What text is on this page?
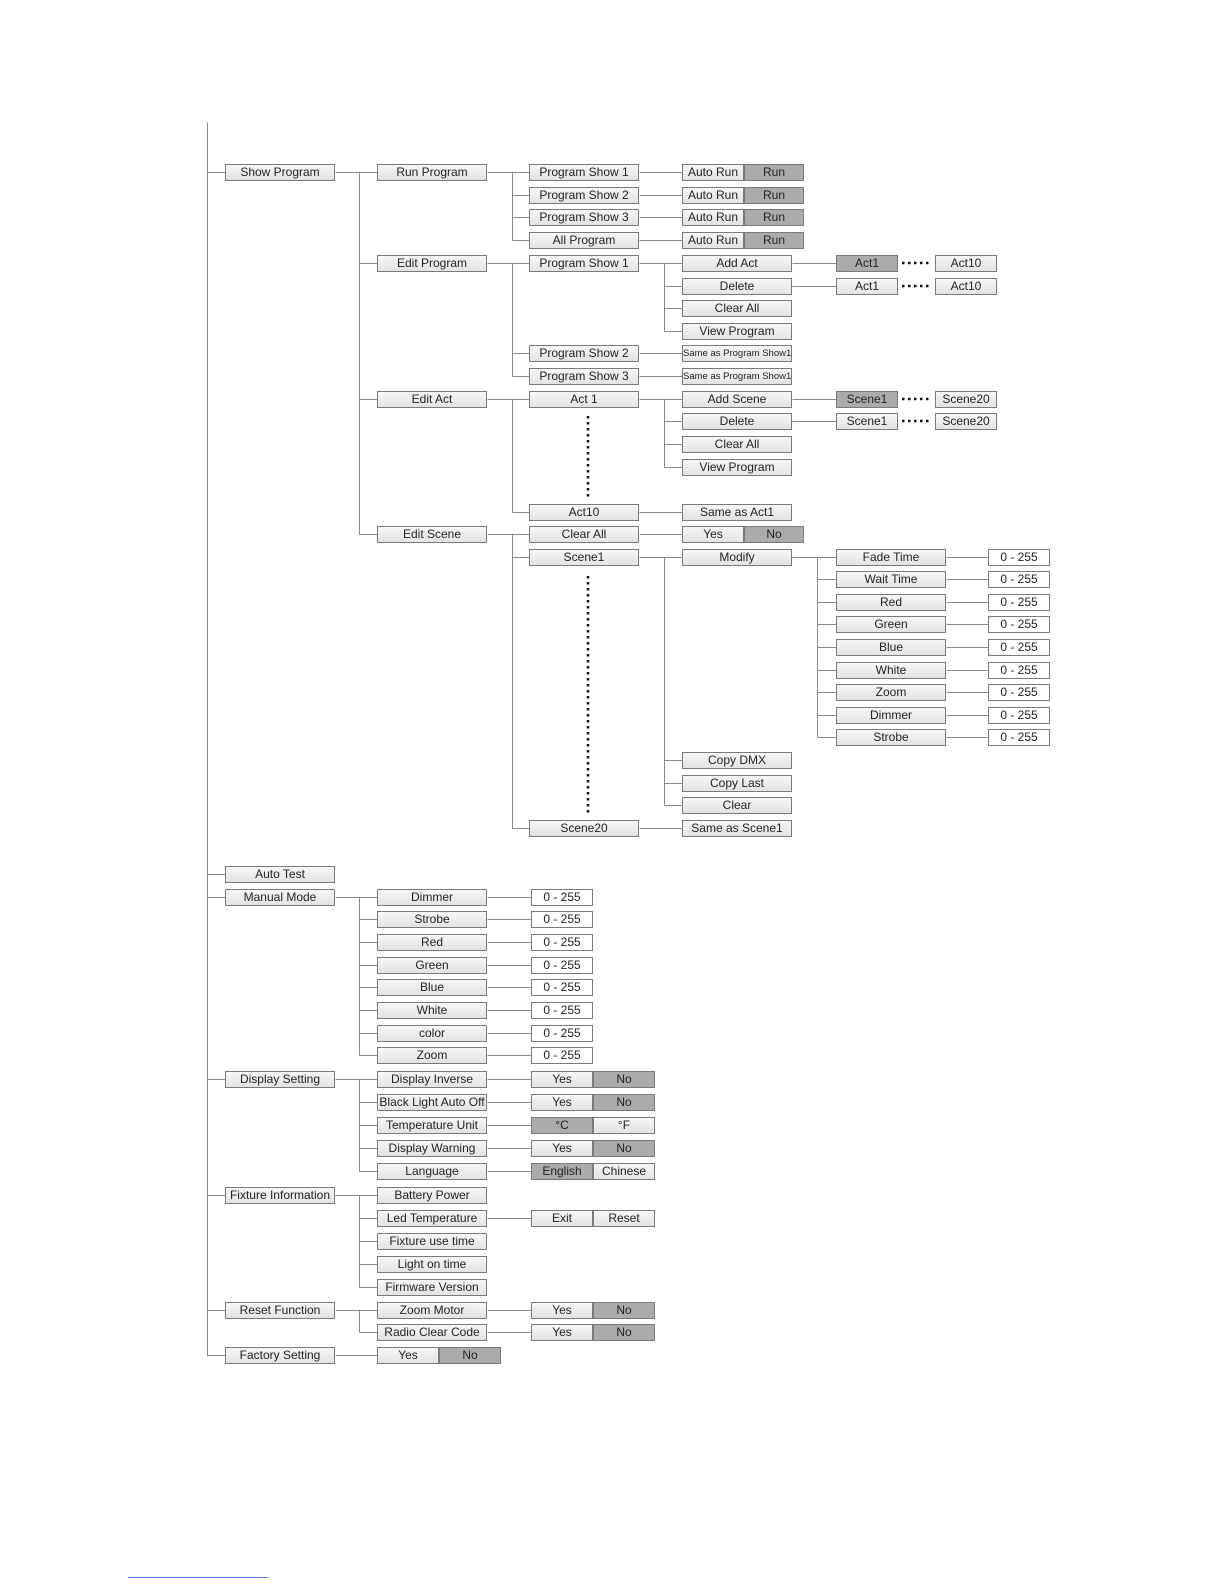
Show Program	Run Program	Program Show 1
Program Show 2
Program Show 3
All Program
Auto Run	Run
Auto Run	Run
Auto Run	Run
Auto Run	Run
Edit Program	Program Show 1
Program Show 2
Program Show 3
Add Act
Delete
Clear All
View Program
Same as Program Show1
Same as Program Show1
Act1	Act10
Act1	Act10
Edit Act	Act 1
Act10
Add Scene
Delete
Clear All
View Program
Same as Act1
Scene1	Scene20
Scene1	Scene20
Edit Scene	Clear All	Yes	No
Scene1
Scene20
Modify
Copy DMX
Copy Last
Clear
Same as Scene1
Fade Time
Wait Time
Red
Green
Blue
White
Zoom
Dimmer
Strobe
0 - 255
0 - 255
0 - 255
0 - 255
0 - 255
0 - 255
0 - 255
0 - 255
0 - 255
Auto Test
Manual Mode	Dimmer
Strobe
Red
Green
Blue
White
color
Zoom
0 - 255
0 - 255
0 - 255
0 - 255
0 - 255
0 - 255
0 - 255
0 - 255
Display Setting	Display Inverse
Black Light Auto Off
Temperature Unit
Display Warning
Language
Yes	No
Yes	No
°C	°F
Yes	No
English	Chinese
Fixture Information	Battery Power
Led Temperature
Fixture use time
Light on time
Firmware Version
Exit	Reset
Reset Function	Zoom Motor
Radio Clear Code
Yes	No
Yes	No
Factory Setting	Yes	No
